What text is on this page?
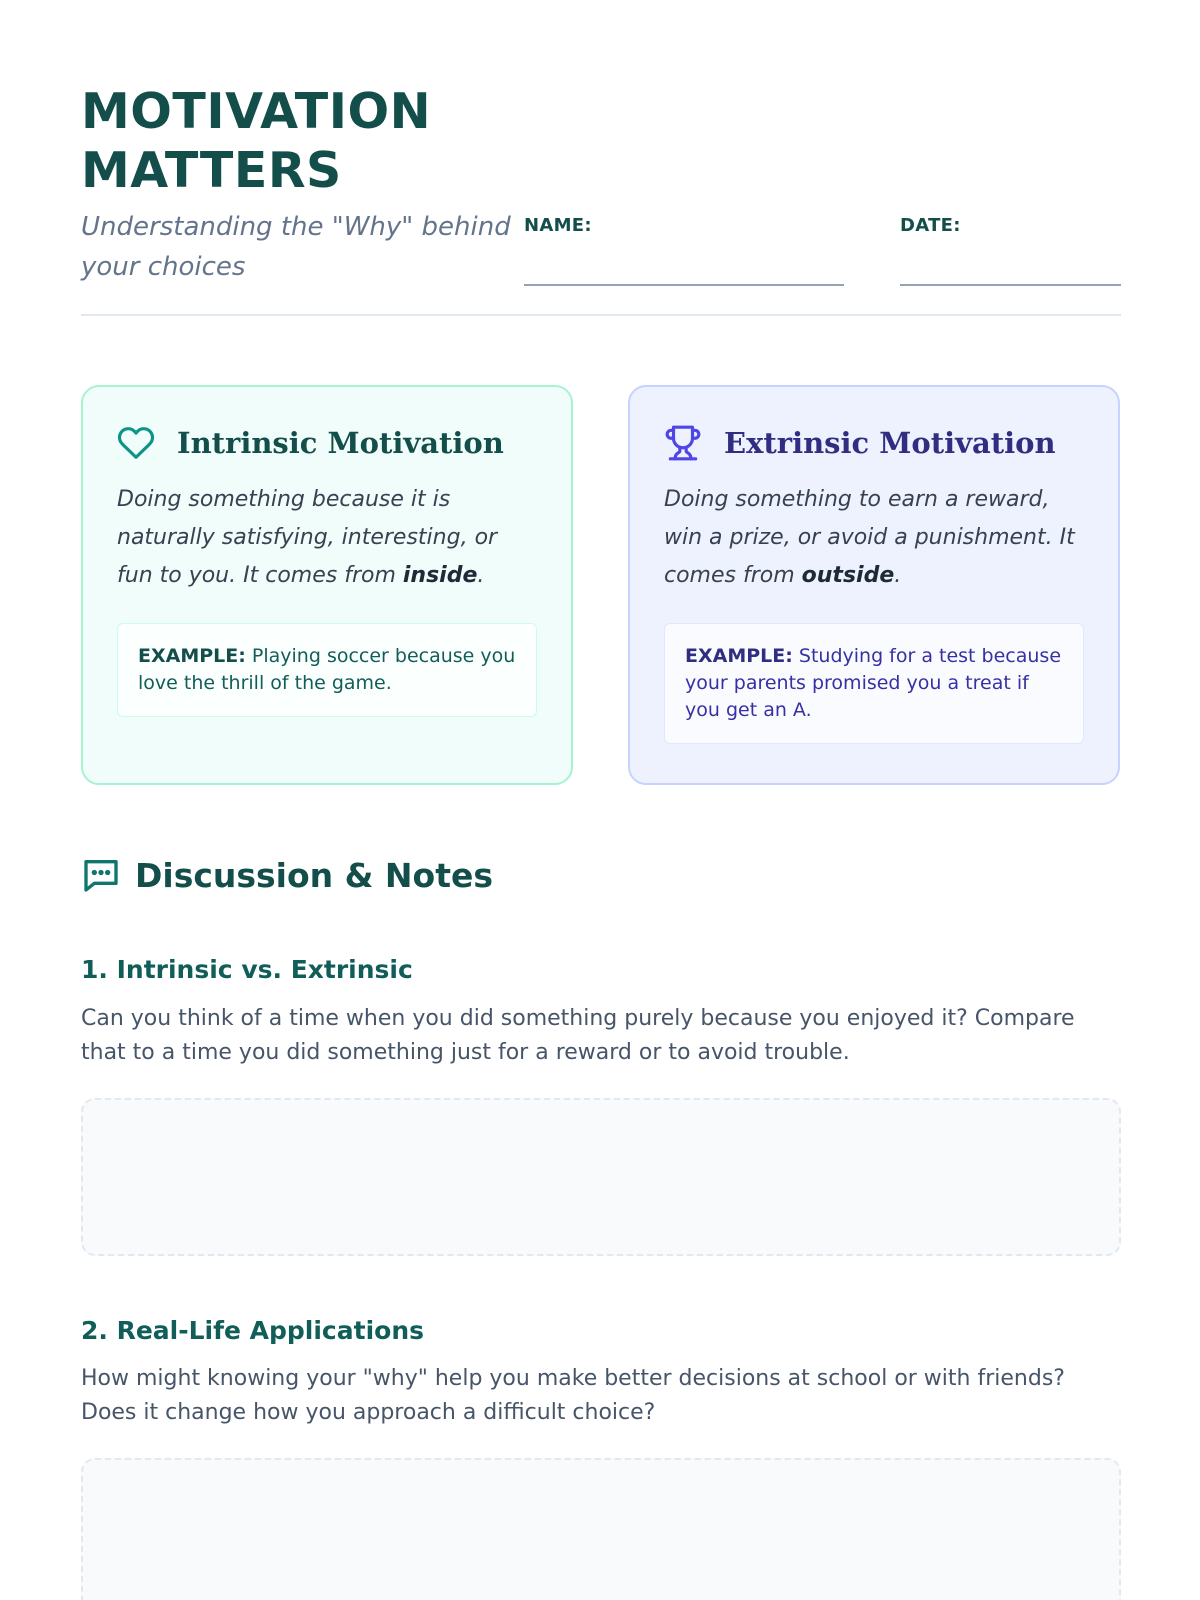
MOTIVATION
MATTERS
Understanding the "Why" behind your choices
NAME:	DATE:
Intrinsic Motivation

Doing something because it is naturally satisfying, interesting, or fun to you. It comes from inside.

EXAMPLE: Playing soccer because you love the thrill of the game.
Extrinsic Motivation

Doing something to earn a reward, win a prize, or avoid a punishment. It comes from outside.

EXAMPLE: Studying for a test because your parents promised you a treat if you get an A.
Discussion & Notes
1. Intrinsic vs. Extrinsic
Can you think of a time when you did something purely because you enjoyed it? Compare that to a time you did something just for a reward or to avoid trouble.
2. Real-Life Applications
How might knowing your "why" help you make better decisions at school or with friends? Does it change how you approach a difficult choice?
